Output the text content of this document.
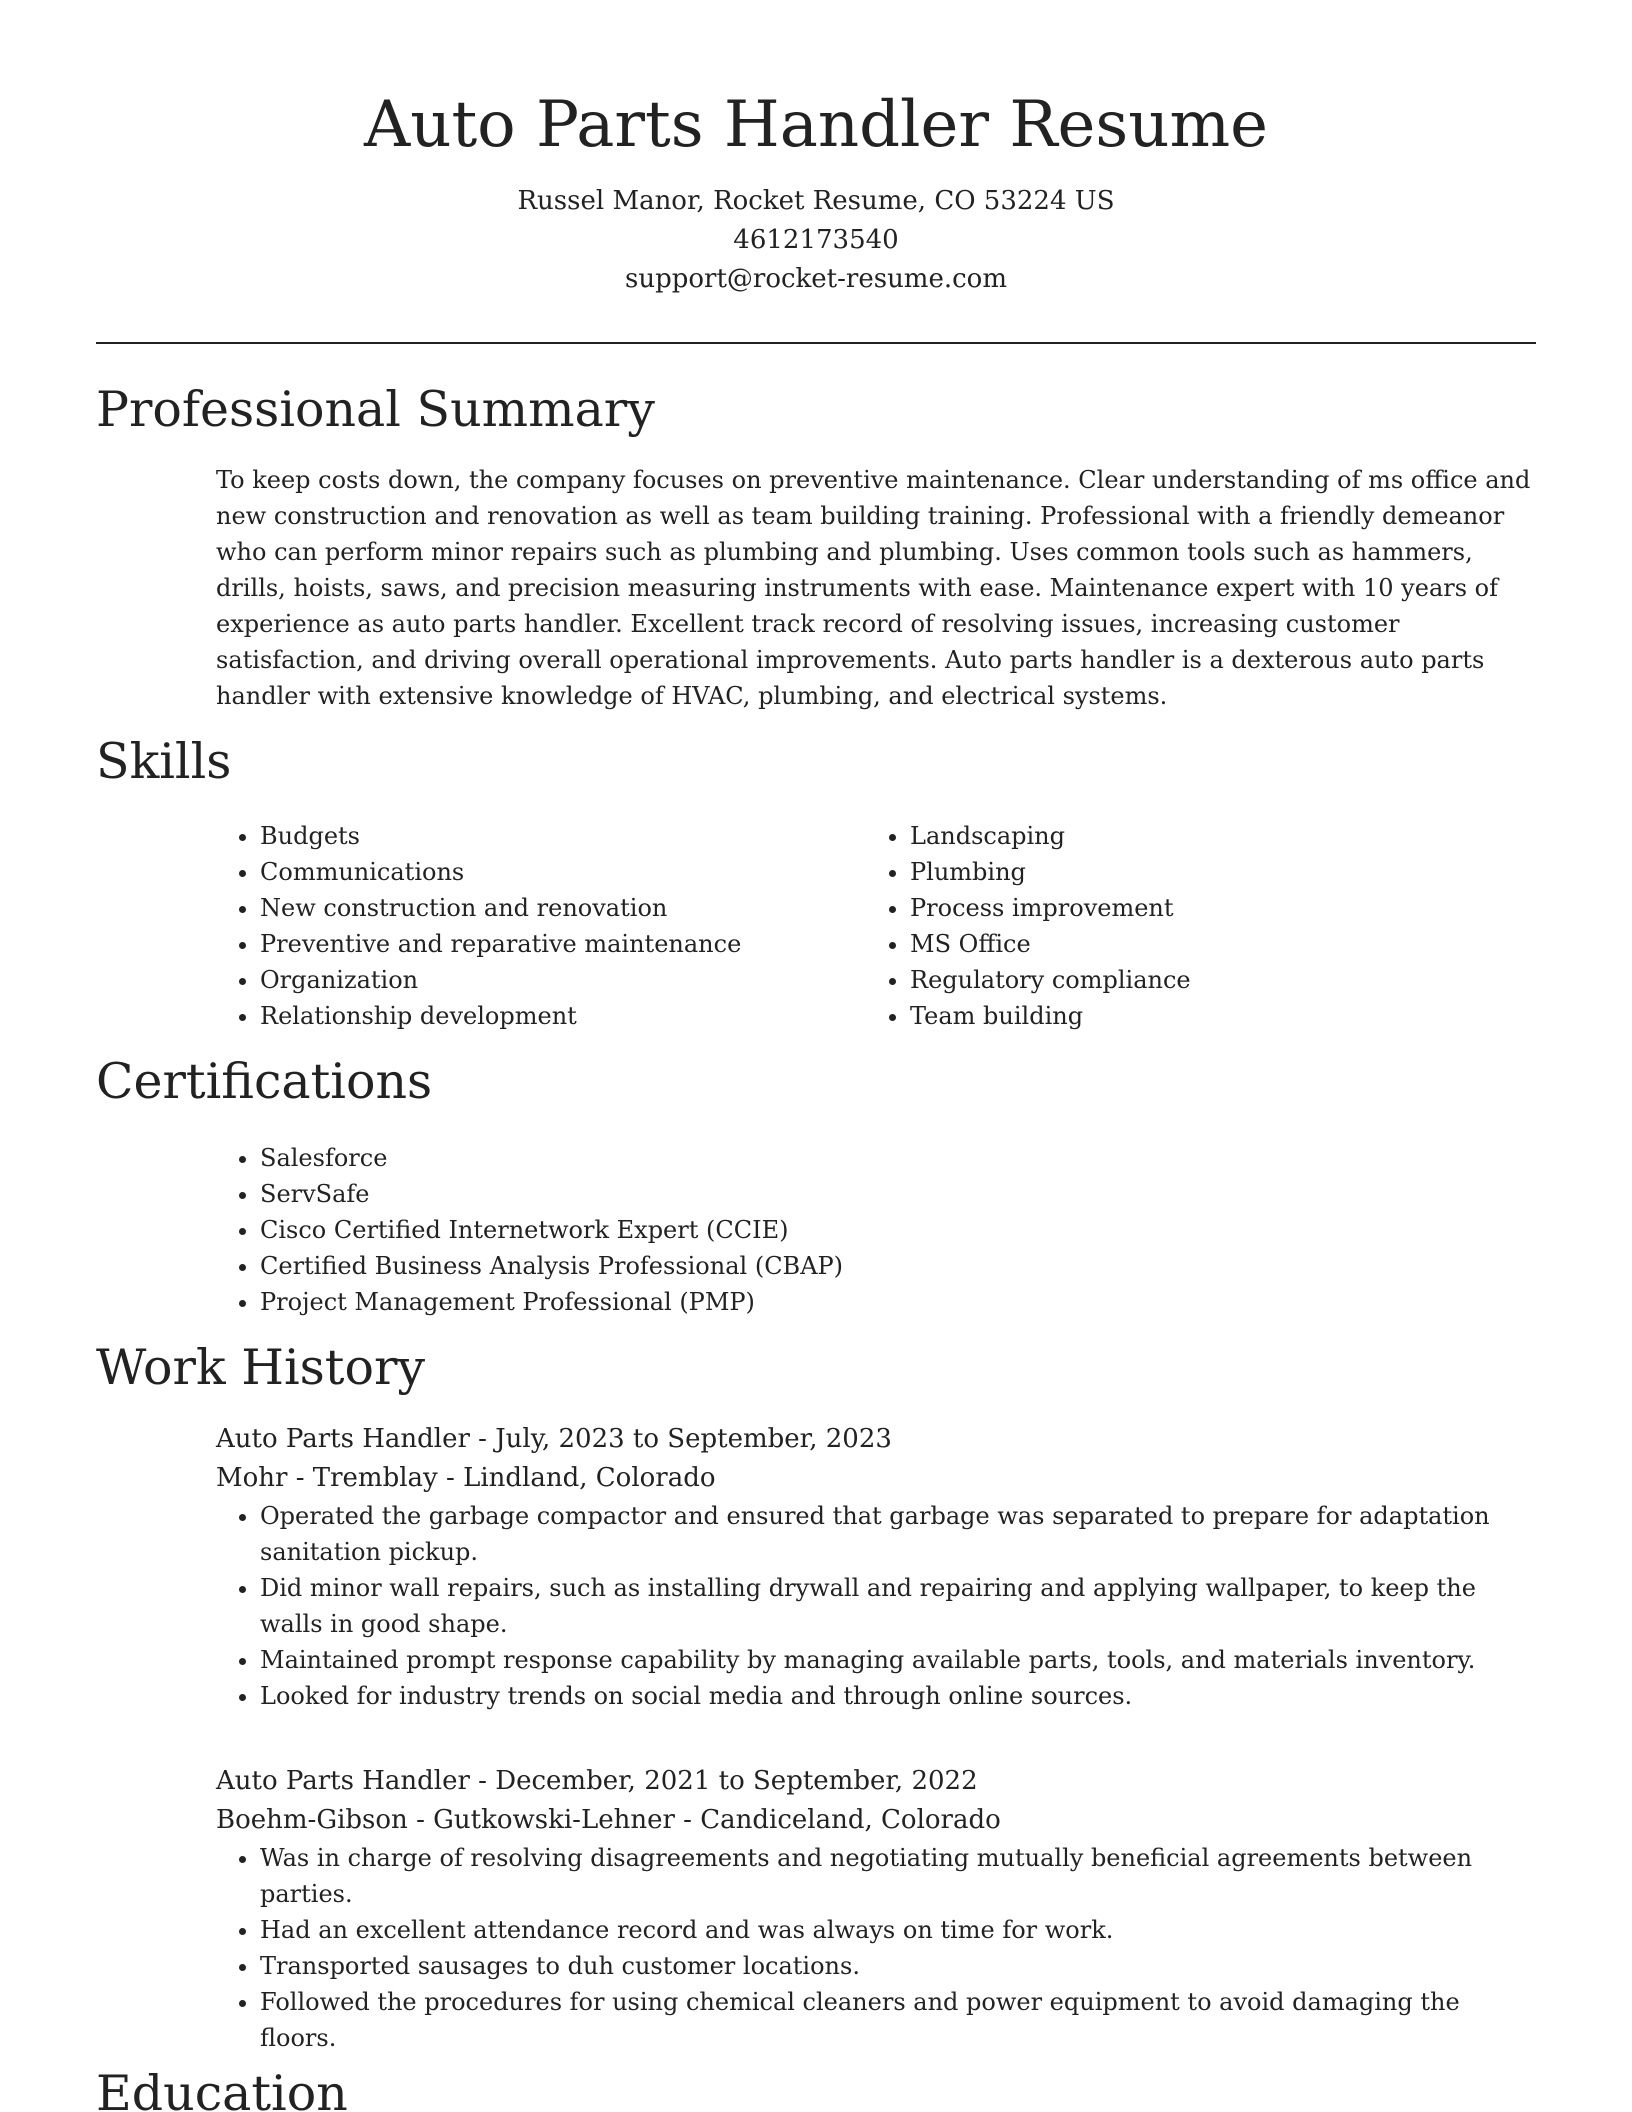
Auto Parts Handler Resume

Russel Manor, Rocket Resume, CO 53224 US

4612173540

support@rocket-resume.com

Professional Summary

To keep costs down, the company focuses on preventive maintenance. Clear understanding of ms office and new construction and renovation as well as team building training. Professional with a friendly demeanor who can perform minor repairs such as plumbing and plumbing. Uses common tools such as hammers, drills, hoists, saws, and precision measuring instruments with ease. Maintenance expert with 10 years of experience as auto parts handler. Excellent track record of resolving issues, increasing customer satisfaction, and driving overall operational improvements. Auto parts handler is a dexterous auto parts handler with extensive knowledge of HVAC, plumbing, and electrical systems.

Skills
• Budgets
• Communications
• New construction and renovation
• Preventive and reparative maintenance
• Organization
• Relationship development
• Landscaping
• Plumbing
• Process improvement
• MS Office
• Regulatory compliance
• Team building
Certifications
• Salesforce
• ServSafe
• Cisco Certified Internetwork Expert (CCIE)
• Certified Business Analysis Professional (CBAP)
• Project Management Professional (PMP)
Work History

Auto Parts Handler - July, 2023 to September, 2023

Mohr - Tremblay - Lindland, Colorado

• Operated the garbage compactor and ensured that garbage was separated to prepare for adaptation sanitation pickup.
• Did minor wall repairs, such as installing drywall and repairing and applying wallpaper, to keep the walls in good shape.
• Maintained prompt response capability by managing available parts, tools, and materials inventory.
• Looked for industry trends on social media and through online sources.

Auto Parts Handler - December, 2021 to September, 2022

Boehm-Gibson - Gutkowski-Lehner - Candiceland, Colorado

• Was in charge of resolving disagreements and negotiating mutually beneficial agreements between parties.
• Had an excellent attendance record and was always on time for work.
• Transported sausages to duh customer locations.
• Followed the procedures for using chemical cleaners and power equipment to avoid damaging the floors.
Education
